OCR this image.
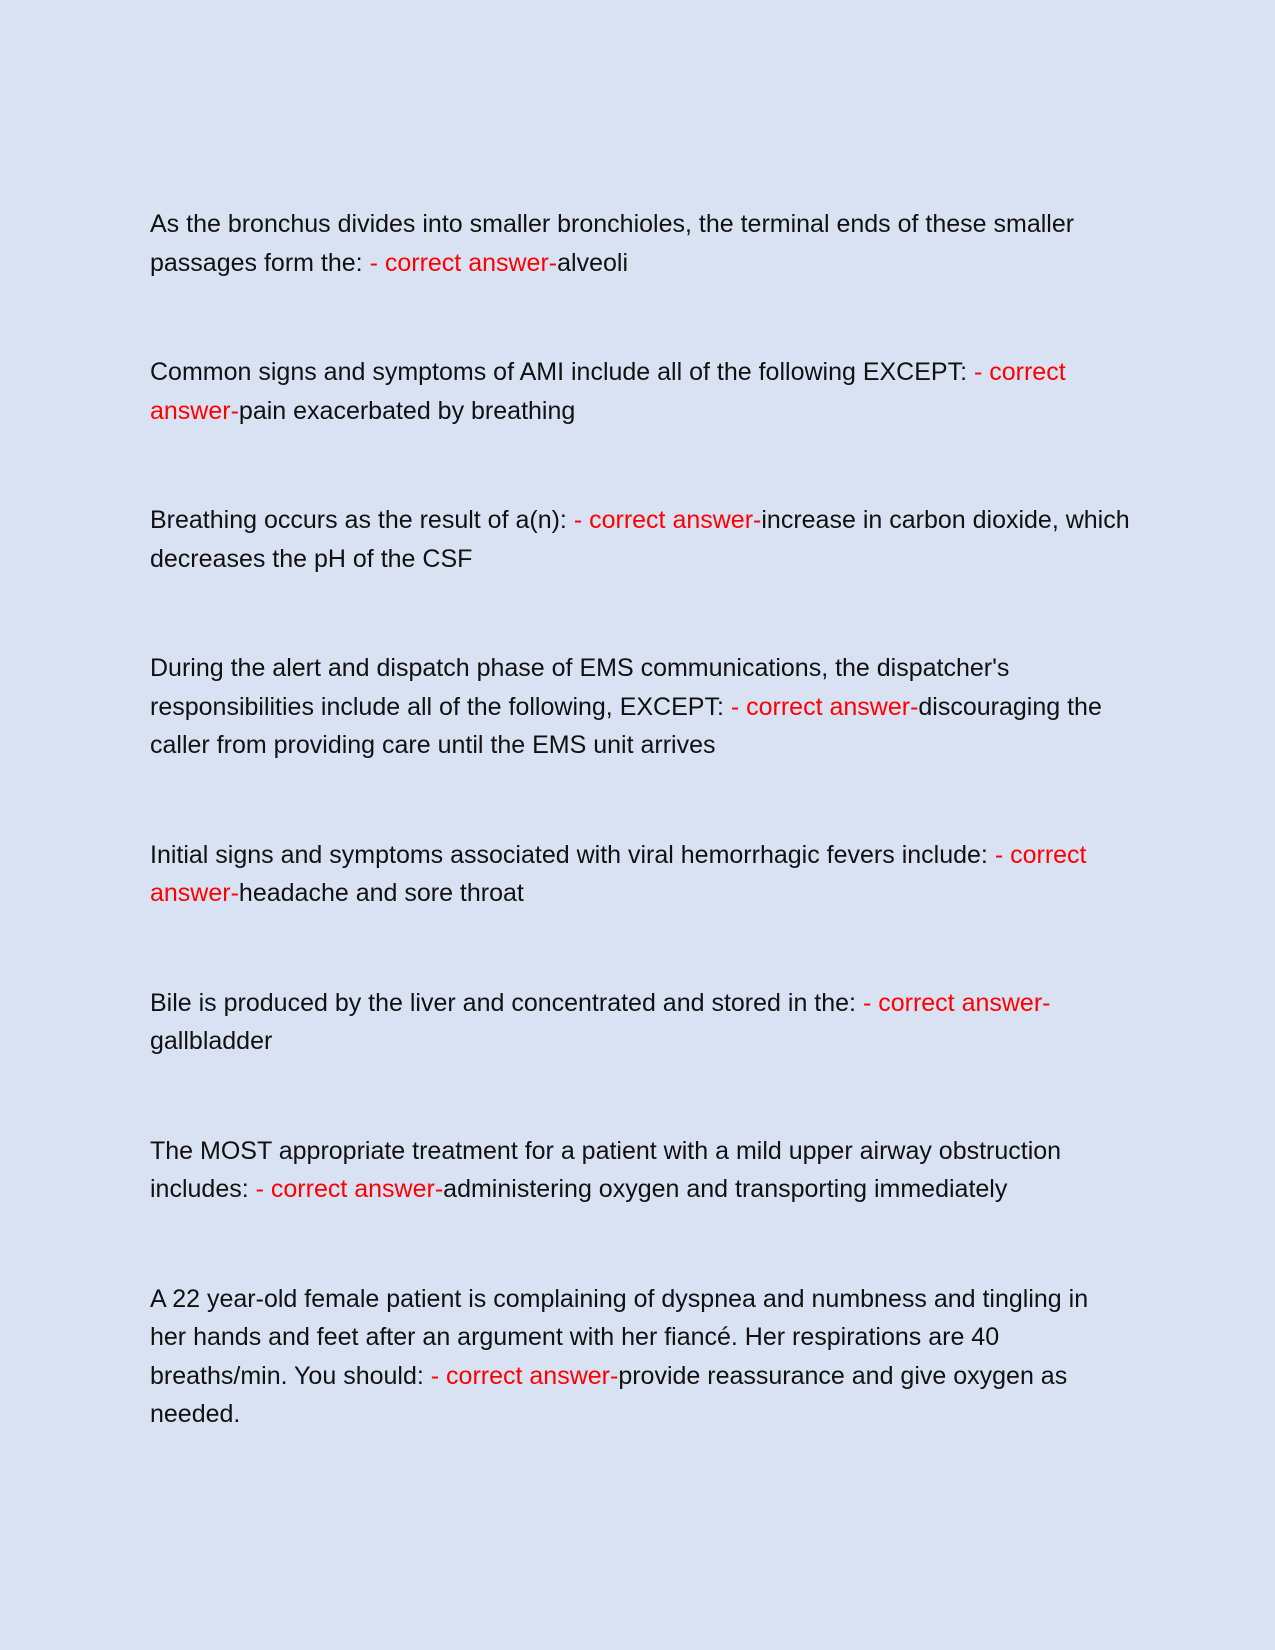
As the bronchus divides into smaller bronchioles, the terminal ends of these smaller passages form the: - correct answer-alveoli

Common signs and symptoms of AMI include all of the following EXCEPT: - correct answer-pain exacerbated by breathing

Breathing occurs as the result of a(n): - correct answer-increase in carbon dioxide, which decreases the pH of the CSF

During the alert and dispatch phase of EMS communications, the dispatcher's responsibilities include all of the following, EXCEPT: - correct answer-discouraging the caller from providing care until the EMS unit arrives

Initial signs and symptoms associated with viral hemorrhagic fevers include: - correct answer-headache and sore throat

Bile is produced by the liver and concentrated and stored in the: - correct answer-gallbladder

The MOST appropriate treatment for a patient with a mild upper airway obstruction includes: - correct answer-administering oxygen and transporting immediately

A 22 year-old female patient is complaining of dyspnea and numbness and tingling in her hands and feet after an argument with her fiancé. Her respirations are 40 breaths/min. You should: - correct answer-provide reassurance and give oxygen as needed.
